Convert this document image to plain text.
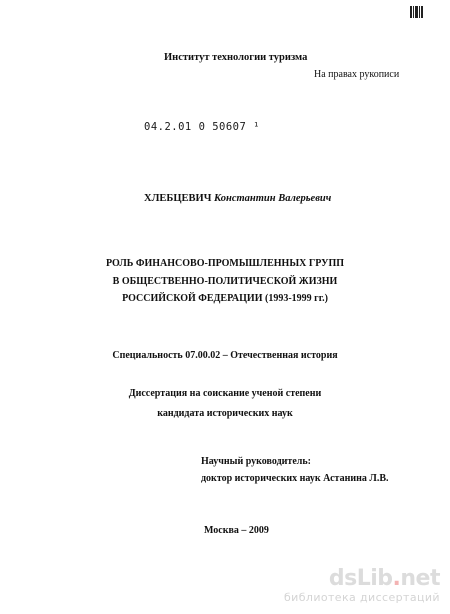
Институт технологии туризма
На правах рукописи
04.2.01 0 50607 ¹
ХЛЕБЦЕВИЧ Константин Валерьевич
РОЛЬ ФИНАНСОВО-ПРОМЫШЛЕННЫХ ГРУПП
В ОБЩЕСТВЕННО-ПОЛИТИЧЕСКОЙ ЖИЗНИ
РОССИЙСКОЙ ФЕДЕРАЦИИ (1993-1999 гг.)
Специальность 07.00.02 – Отечественная история
Диссертация на соискание ученой степени
кандидата исторических наук
Научный руководитель:
доктор исторических наук Астанина Л.В.
Москва – 2009
dsLib.net
библиотека диссертаций
